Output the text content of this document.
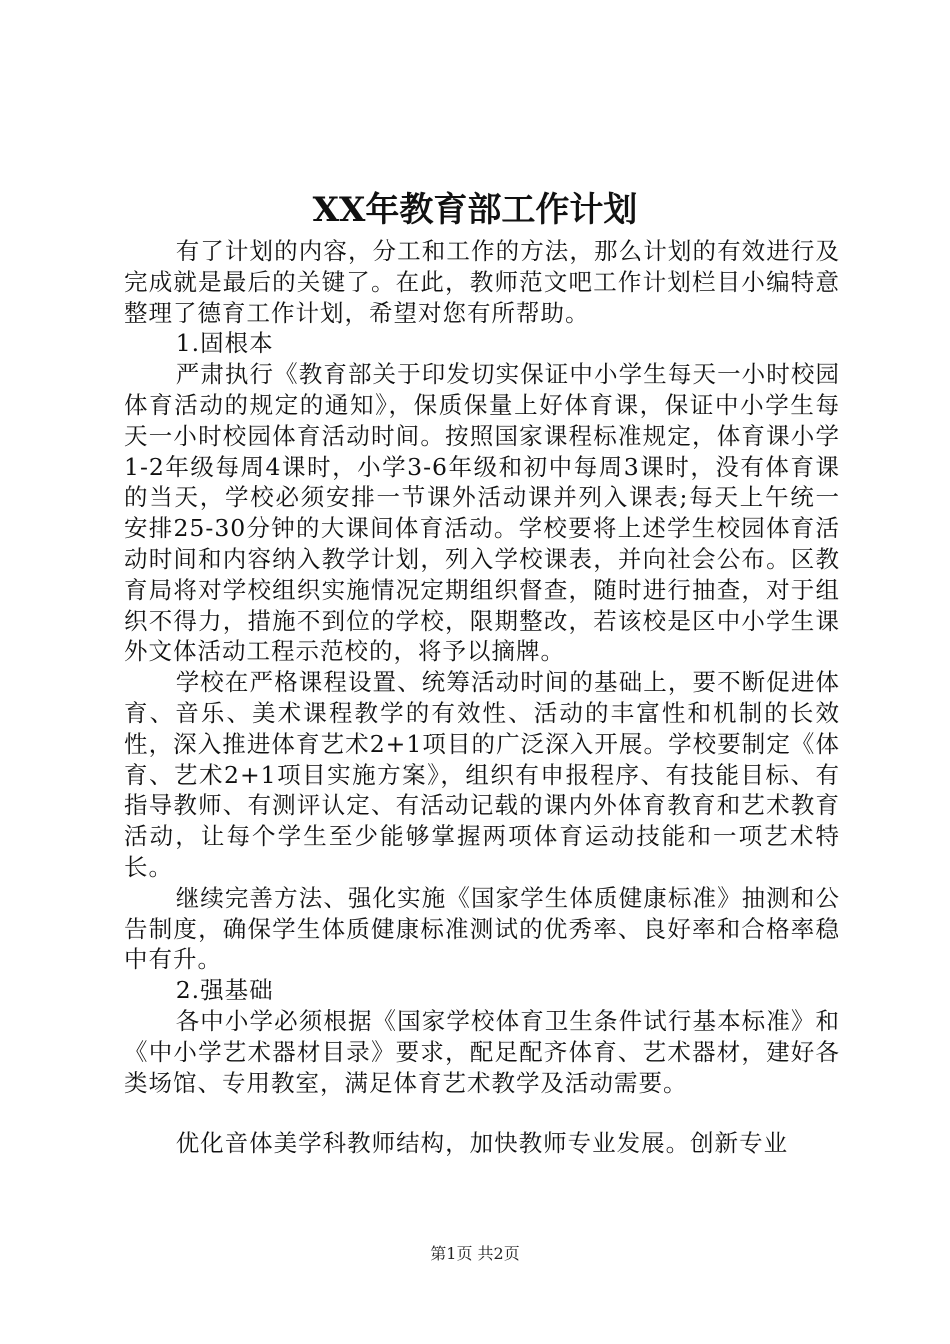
XX年教育部工作计划

有了计划的内容，分工和工作的方法，那么计划的有效进行及完成就是最后的关键了。在此，教师范文吧工作计划栏目小编特意整理了德育工作计划，希望对您有所帮助。

1.固根本

严肃执行《教育部关于印发切实保证中小学生每天一小时校园体育活动的规定的通知》，保质保量上好体育课，保证中小学生每天一小时校园体育活动时间。按照国家课程标准规定，体育课小学1-2年级每周4课时，小学3-6年级和初中每周3课时，没有体育课的当天，学校必须安排一节课外活动课并列入课表;每天上午统一安排25-30分钟的大课间体育活动。学校要将上述学生校园体育活动时间和内容纳入教学计划，列入学校课表，并向社会公布。区教育局将对学校组织实施情况定期组织督查，随时进行抽查，对于组织不得力，措施不到位的学校，限期整改，若该校是区中小学生课外文体活动工程示范校的，将予以摘牌。

学校在严格课程设置、统筹活动时间的基础上，要不断促进体育、音乐、美术课程教学的有效性、活动的丰富性和机制的长效性，深入推进体育艺术2+1项目的广泛深入开展。学校要制定《体育、艺术2+1项目实施方案》，组织有申报程序、有技能目标、有指导教师、有测评认定、有活动记载的课内外体育教育和艺术教育活动，让每个学生至少能够掌握两项体育运动技能和一项艺术特长。

继续完善方法、强化实施《国家学生体质健康标准》抽测和公告制度，确保学生体质健康标准测试的优秀率、良好率和合格率稳中有升。

2.强基础

各中小学必须根据《国家学校体育卫生条件试行基本标准》和《中小学艺术器材目录》要求，配足配齐体育、艺术器材，建好各类场馆、专用教室，满足体育艺术教学及活动需要。

优化音体美学科教师结构，加快教师专业发展。创新专业

第1页 共2页
